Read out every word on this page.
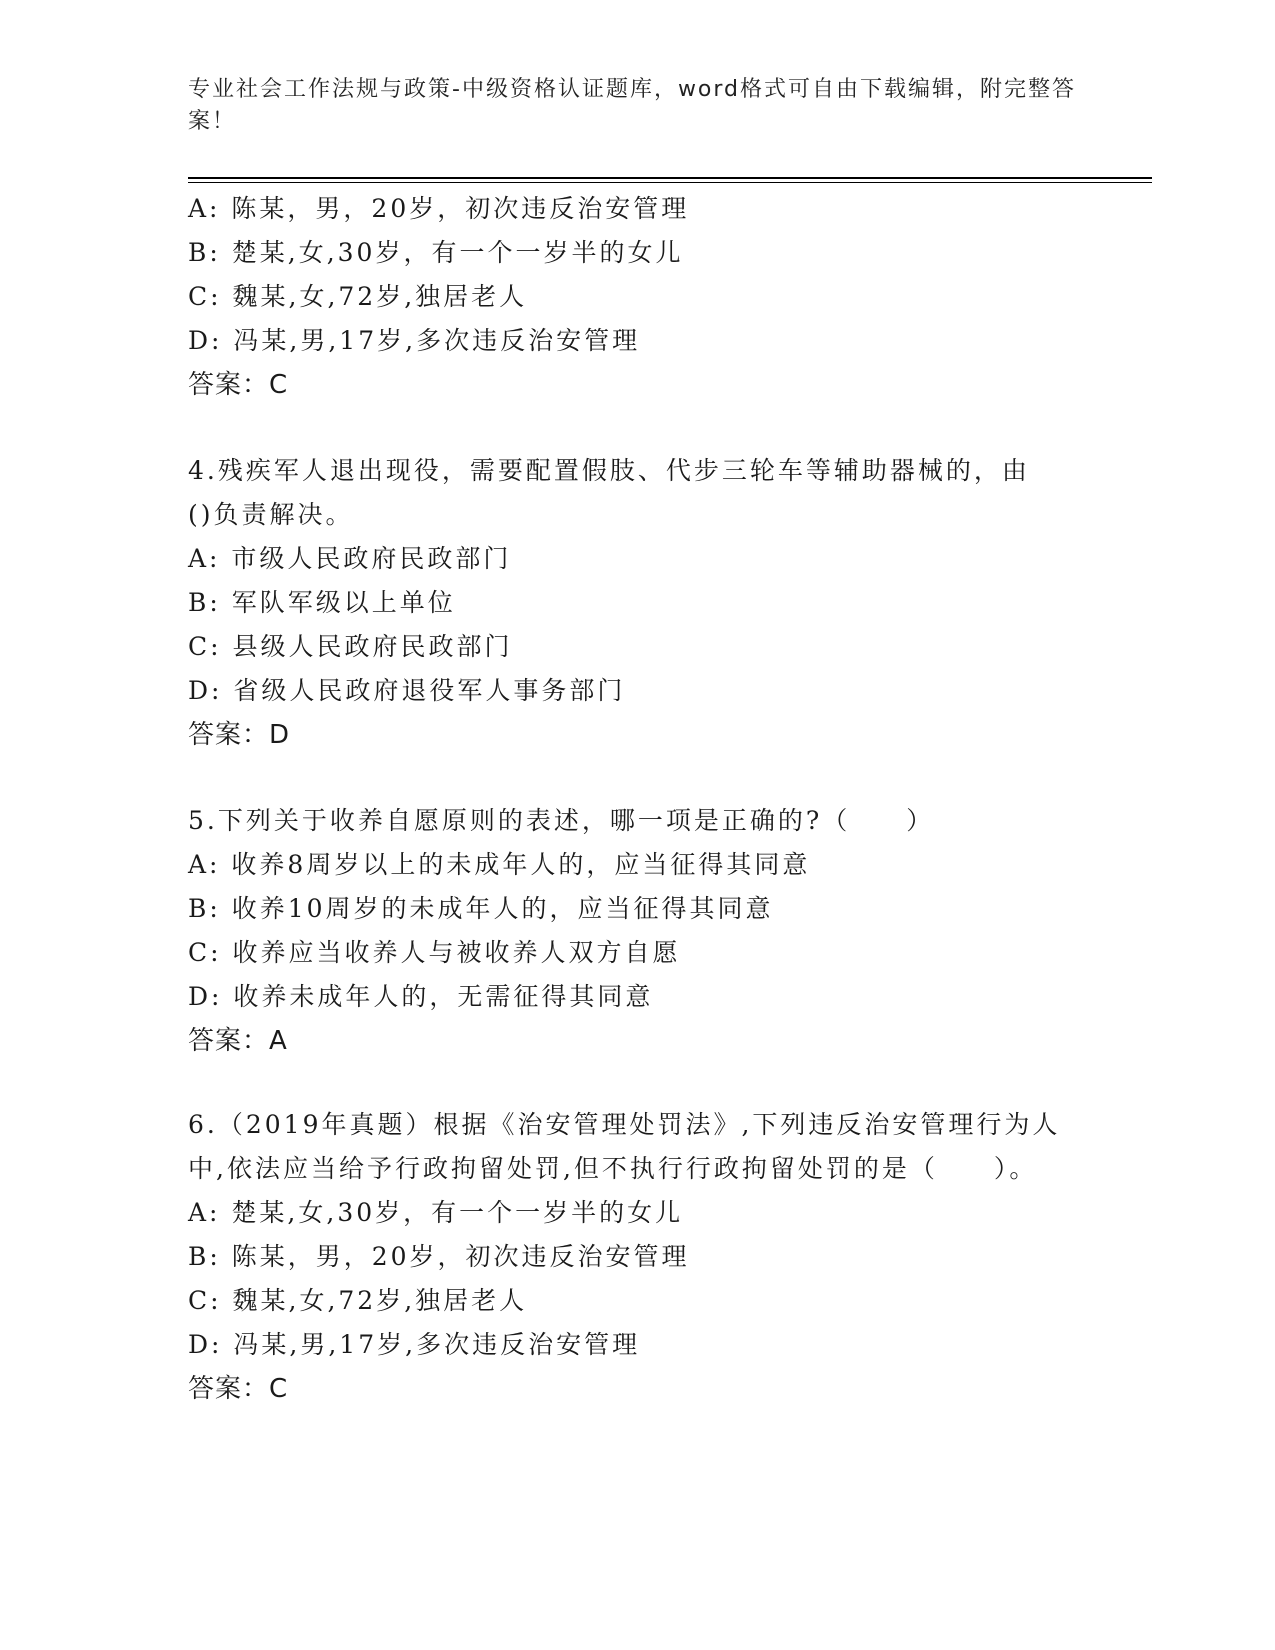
专业社会工作法规与政策-中级资格认证题库，word格式可自由下载编辑，附完整答案！
A: 陈某，男，20岁，初次违反治安管理
B: 楚某,女,30岁，有一个一岁半的女儿
C: 魏某,女,72岁,独居老人
D: 冯某,男,17岁,多次违反治安管理
答案：C
4.残疾军人退出现役，需要配置假肢、代步三轮车等辅助器械的，由
()负责解决。
A: 市级人民政府民政部门
B: 军队军级以上单位
C: 县级人民政府民政部门
D: 省级人民政府退役军人事务部门
答案：D
5.下列关于收养自愿原则的表述，哪一项是正确的?（　　）
A: 收养8周岁以上的未成年人的，应当征得其同意
B: 收养10周岁的未成年人的，应当征得其同意
C: 收养应当收养人与被收养人双方自愿
D: 收养未成年人的，无需征得其同意
答案：A
6.（2019年真题）根据《治安管理处罚法》,下列违反治安管理行为人
中,依法应当给予行政拘留处罚,但不执行行政拘留处罚的是（　　）。
A: 楚某,女,30岁，有一个一岁半的女儿
B: 陈某，男，20岁，初次违反治安管理
C: 魏某,女,72岁,独居老人
D: 冯某,男,17岁,多次违反治安管理
答案：C
